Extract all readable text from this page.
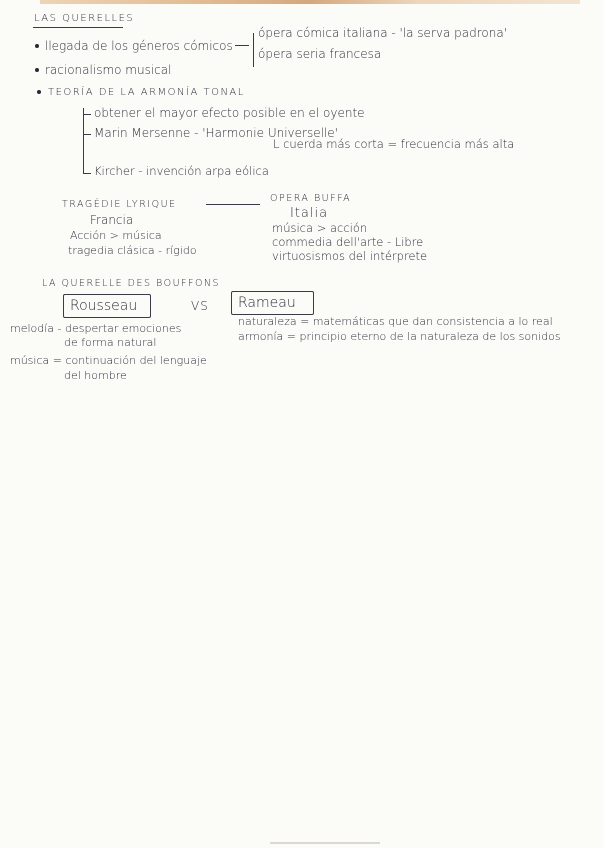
LAS QUERELLES
llegada de los géneros cómicos
ópera cómica italiana - 'la serva padrona'
ópera seria francesa
racionalismo musical
TEORÍA DE LA ARMONÍA TONAL
obtener el mayor efecto posible en el oyente
Marin Mersenne - 'Harmonie Universelle'
L cuerda más corta = frecuencia más alta
Kircher - invención arpa eólica
TRAGÉDIE LYRIQUE
OPERA BUFFA
Francia
Acción > música
tragedia clásica - rígido
Italia
música > acción
commedia dell'arte - Libre
virtuosismos del intérprete
LA QUERELLE DES BOUFFONS
Rousseau	VS Rameau
melodía - despertar emociones
de forma natural
música = continuación del lenguaje
del hombre
naturaleza = matemáticas que dan consistencia a lo real
armonía = principio eterno de la naturaleza de los sonidos
